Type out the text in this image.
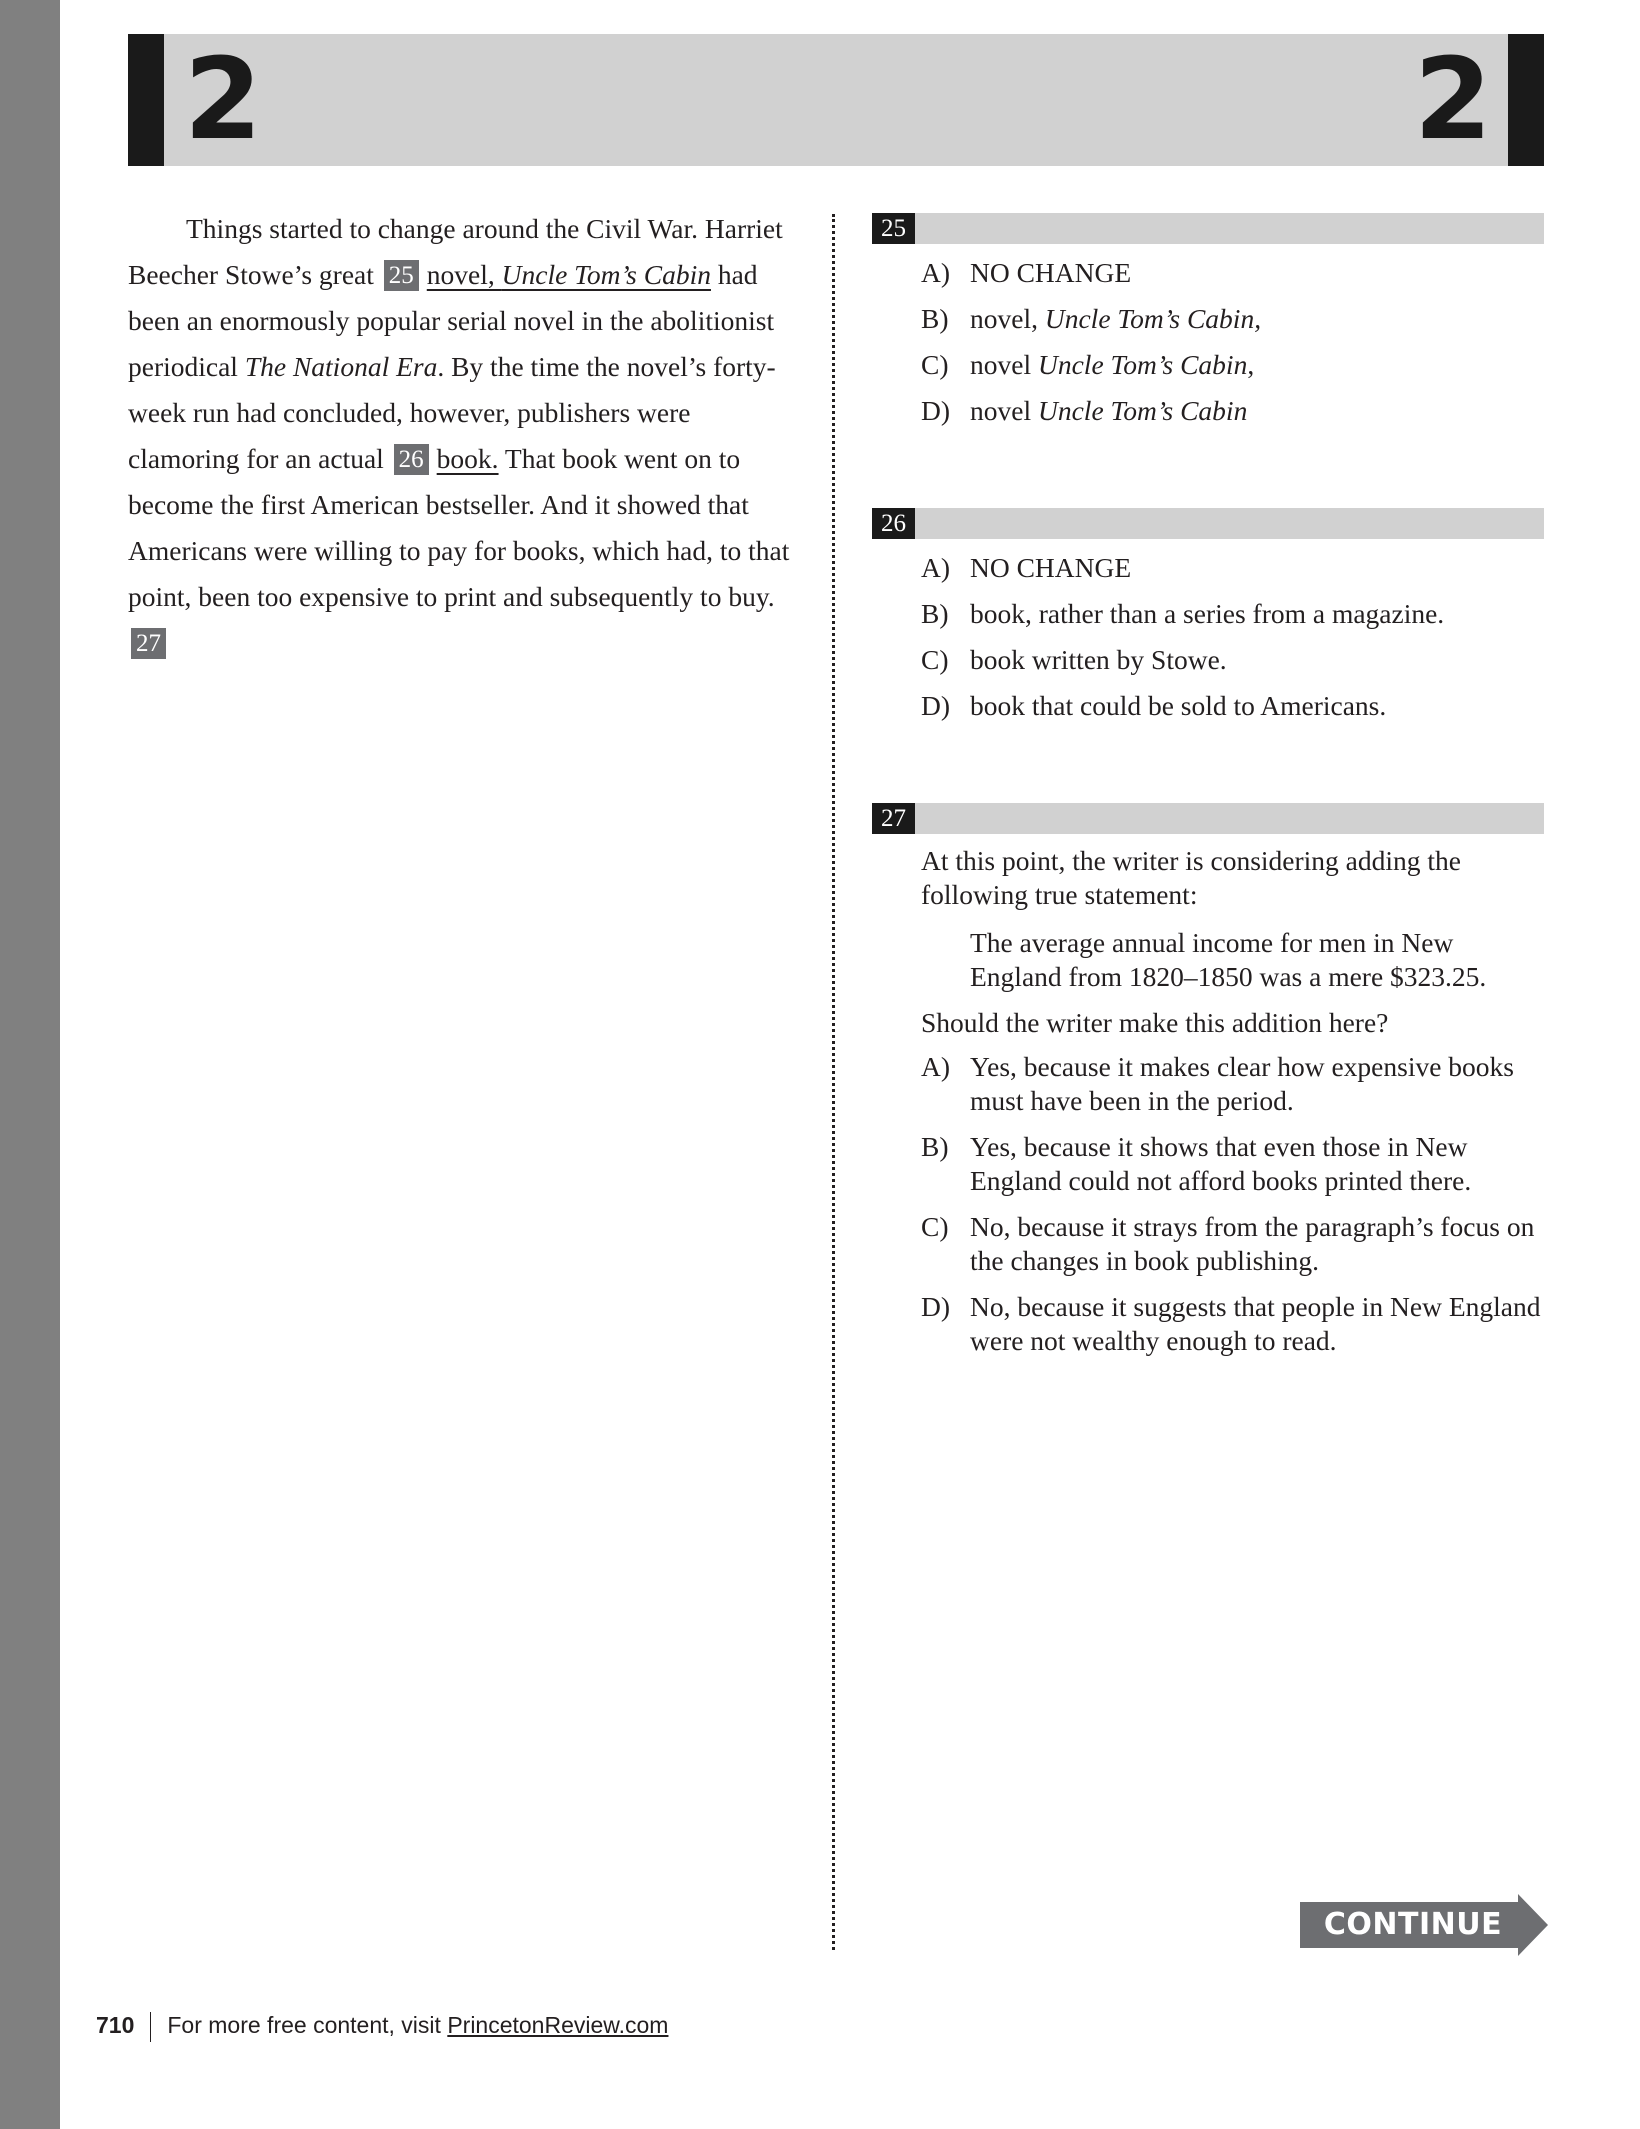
2	2

Things started to change around the Civil War. Harriet Beecher Stowe’s great 25 novel, Uncle Tom’s Cabin had been an enormously popular serial novel in the abolitionist periodical The National Era. By the time the novel’s forty-week run had concluded, however, publishers were clamoring for an actual 26 book. That book went on to become the first American bestseller. And it showed that Americans were willing to pay for books, which had, to that point, been too expensive to print and subsequently to buy.
27

25
A) NO CHANGE
B) novel, Uncle Tom’s Cabin,
C) novel Uncle Tom’s Cabin,
D) novel Uncle Tom’s Cabin
26
A) NO CHANGE
B) book, rather than a series from a magazine.
C) book written by Stowe.
D) book that could be sold to Americans.
27
At this point, the writer is considering adding the following true statement:
The average annual income for men in New England from 1820–1850 was a mere $323.25.
Should the writer make this addition here?
A) Yes, because it makes clear how expensive books must have been in the period.
B) Yes, because it shows that even those in New England could not afford books printed there.
C) No, because it strays from the paragraph’s focus on the changes in book publishing.
D) No, because it suggests that people in New England were not wealthy enough to read.
CONTINUE
710 For more free content, visit PrincetonReview.com
